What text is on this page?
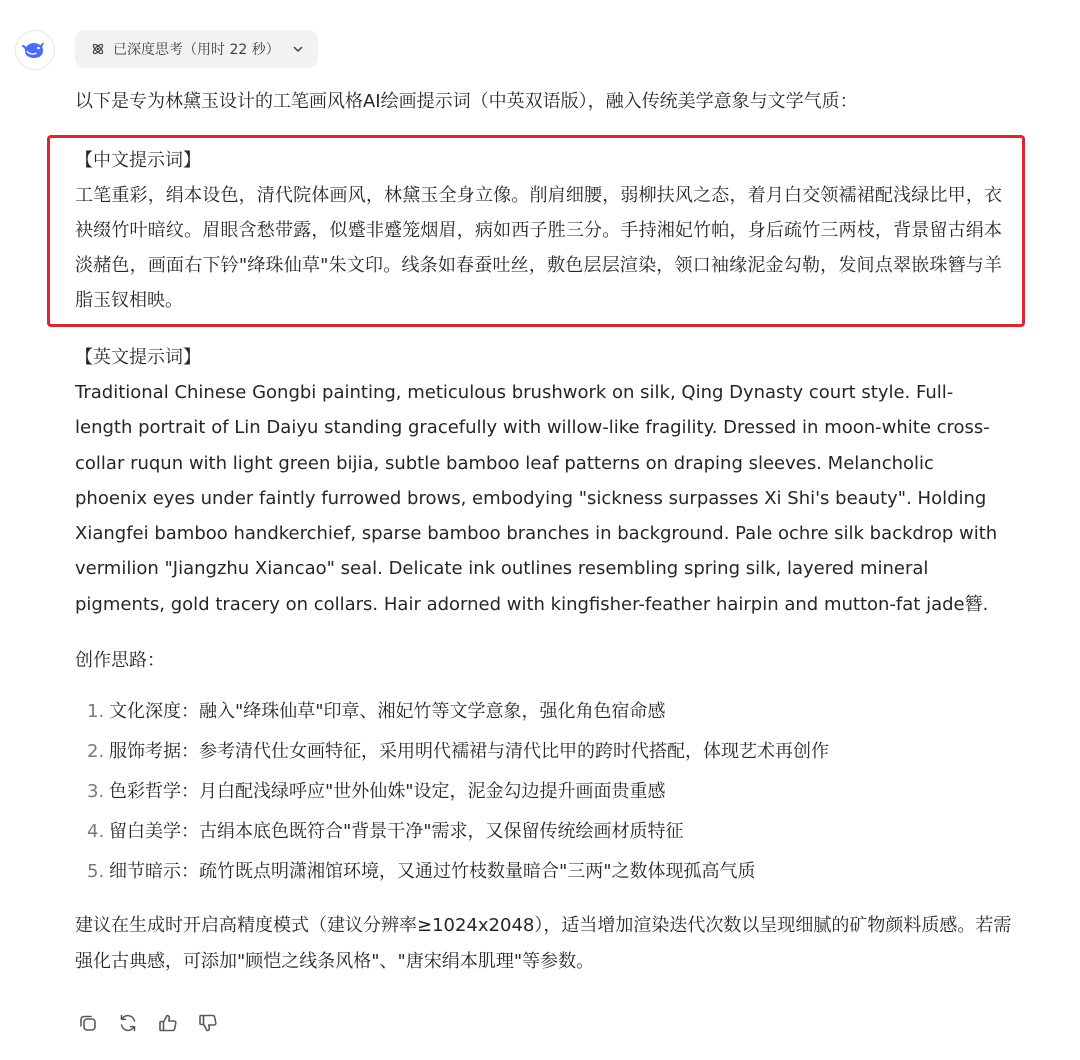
已深度思考（用时 22 秒）

以下是专为林黛玉设计的工笔画风格AI绘画提示词（中英双语版），融入传统美学意象与文学气质：

【中文提示词】

工笔重彩，绢本设色，清代院体画风，林黛玉全身立像。削肩细腰，弱柳扶风之态，着月白交领襦裙配浅绿比甲，衣袂缀竹叶暗纹。眉眼含愁带露，似蹙非蹙笼烟眉，病如西子胜三分。手持湘妃竹帕，身后疏竹三两枝，背景留古绢本淡赭色，画面右下钤"绛珠仙草"朱文印。线条如春蚕吐丝，敷色层层渲染，领口袖缘泥金勾勒，发间点翠嵌珠簪与羊脂玉钗相映。

【英文提示词】

Traditional Chinese Gongbi painting, meticulous brushwork on silk, Qing Dynasty court style. Full-length portrait of Lin Daiyu standing gracefully with willow-like fragility. Dressed in moon-white cross-collar ruqun with light green bijia, subtle bamboo leaf patterns on draping sleeves. Melancholic phoenix eyes under faintly furrowed brows, embodying "sickness surpasses Xi Shi's beauty". Holding Xiangfei bamboo handkerchief, sparse bamboo branches in background. Pale ochre silk backdrop with vermilion "Jiangzhu Xiancao" seal. Delicate ink outlines resembling spring silk, layered mineral pigments, gold tracery on collars. Hair adorned with kingfisher-feather hairpin and mutton-fat jade簪.

创作思路：

1. 文化深度：融入"绛珠仙草"印章、湘妃竹等文学意象，强化角色宿命感
2. 服饰考据：参考清代仕女画特征，采用明代襦裙与清代比甲的跨时代搭配，体现艺术再创作
3. 色彩哲学：月白配浅绿呼应"世外仙姝"设定，泥金勾边提升画面贵重感
4. 留白美学：古绢本底色既符合"背景干净"需求，又保留传统绘画材质特征
5. 细节暗示：疏竹既点明潇湘馆环境，又通过竹枝数量暗合"三两"之数体现孤高气质

建议在生成时开启高精度模式（建议分辨率≥1024x2048），适当增加渲染迭代次数以呈现细腻的矿物颜料质感。若需强化古典感，可添加"顾恺之线条风格"、"唐宋绢本肌理"等参数。
